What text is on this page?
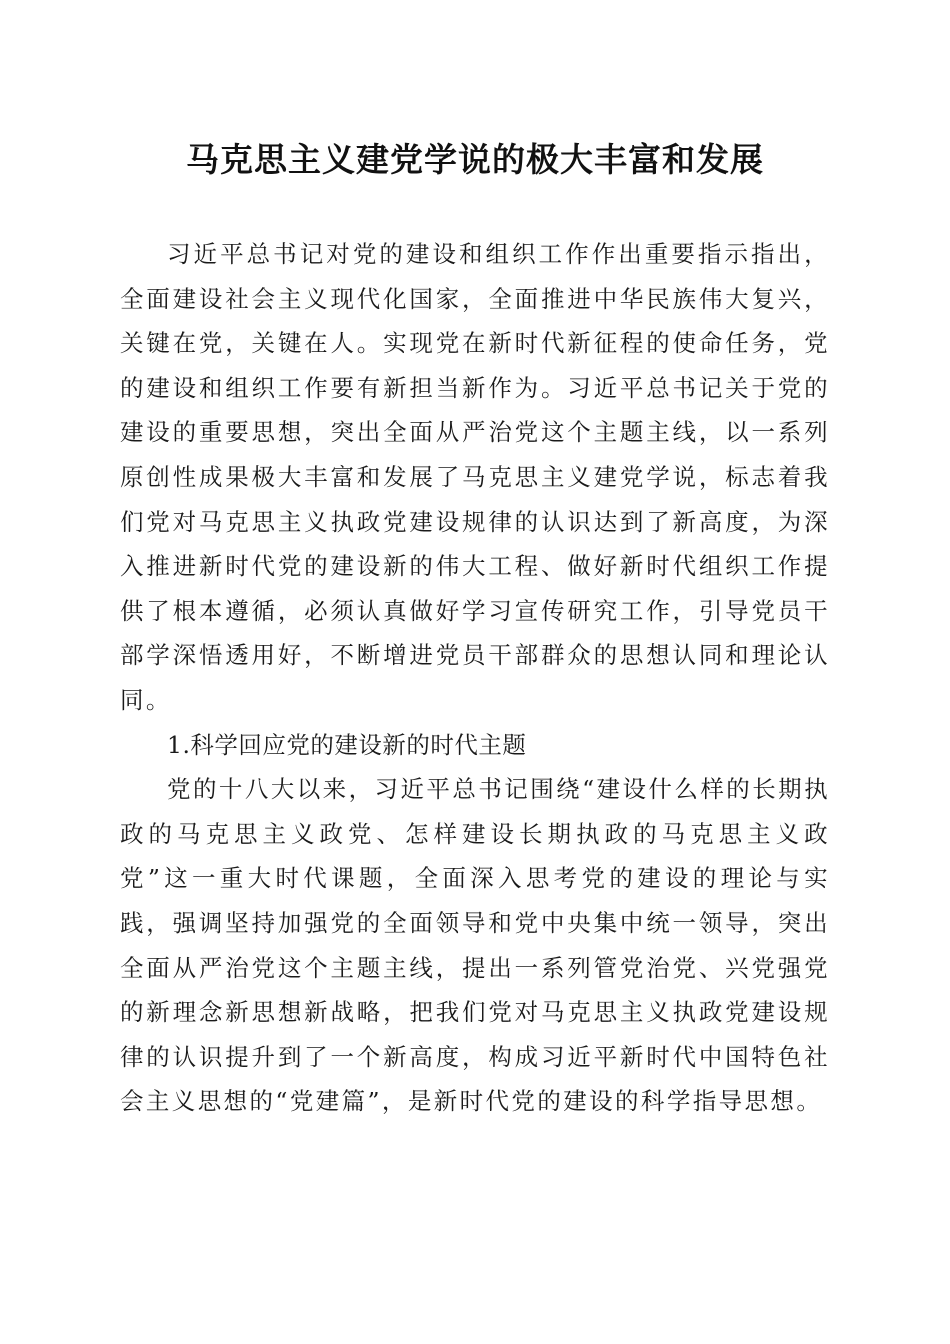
马克思主义建党学说的极大丰富和发展

习近平总书记对党的建设和组织工作作出重要指示指出，全面建设社会主义现代化国家，全面推进中华民族伟大复兴，关键在党，关键在人。实现党在新时代新征程的使命任务，党的建设和组织工作要有新担当新作为。习近平总书记关于党的建设的重要思想，突出全面从严治党这个主题主线，以一系列原创性成果极大丰富和发展了马克思主义建党学说，标志着我们党对马克思主义执政党建设规律的认识达到了新高度，为深入推进新时代党的建设新的伟大工程、做好新时代组织工作提供了根本遵循，必须认真做好学习宣传研究工作，引导党员干部学深悟透用好，不断增进党员干部群众的思想认同和理论认同。

1.科学回应党的建设新的时代主题

党的十八大以来，习近平总书记围绕“建设什么样的长期执政的马克思主义政党、怎样建设长期执政的马克思主义政党”这一重大时代课题，全面深入思考党的建设的理论与实践，强调坚持加强党的全面领导和党中央集中统一领导，突出全面从严治党这个主题主线，提出一系列管党治党、兴党强党的新理念新思想新战略，把我们党对马克思主义执政党建设规律的认识提升到了一个新高度，构成习近平新时代中国特色社会主义思想的“党建篇”，是新时代党的建设的科学指导思想。
